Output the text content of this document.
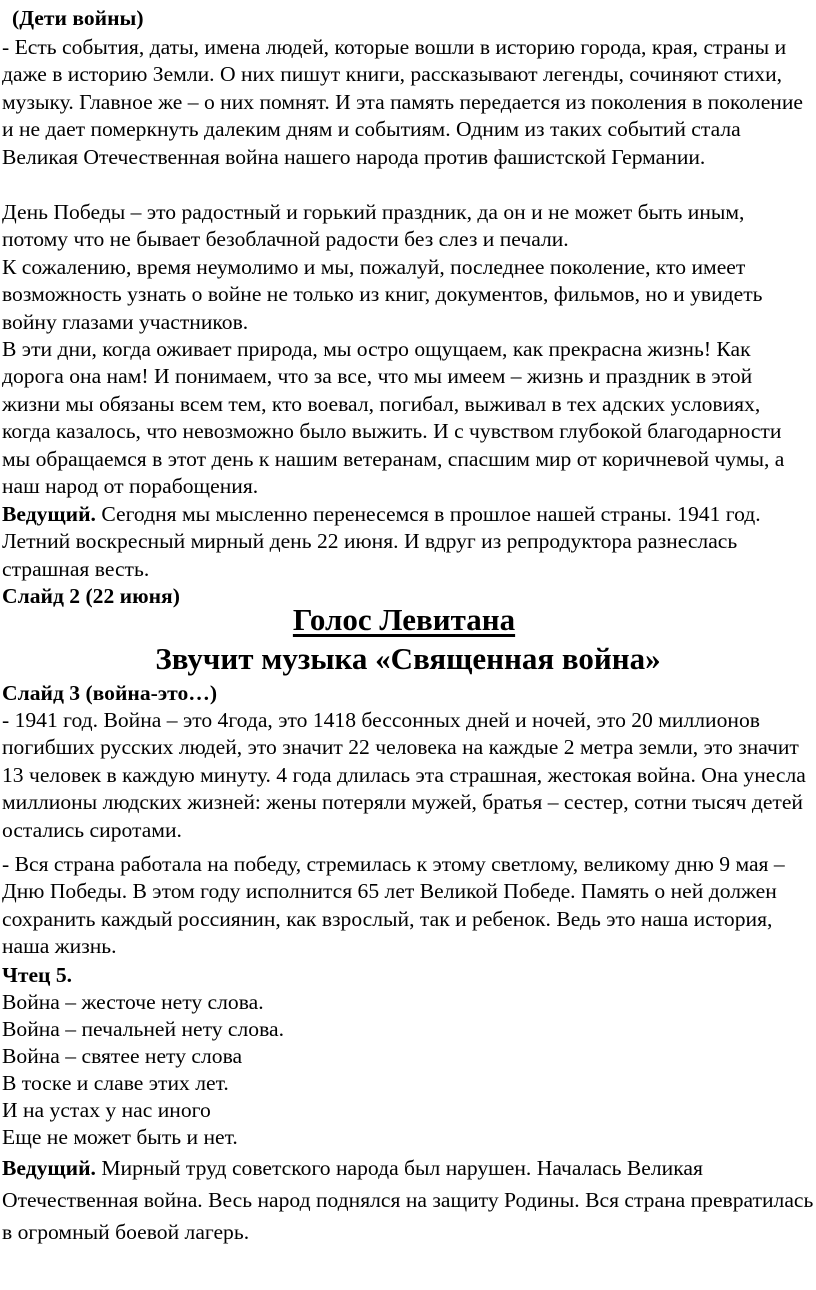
(Дети войны)

- Есть события, даты, имена людей, которые вошли в историю города, края, страны и даже в историю Земли. О них пишут книги, рассказывают легенды, сочиняют стихи, музыку. Главное же – о них помнят. И эта память передается из поколения в поколение и не дает померкнуть далеким дням и событиям. Одним из таких событий стала Великая Отечественная война нашего народа против фашистской Германии.

День Победы – это радостный и горький праздник, да он и не может быть иным, потому что не бывает безоблачной радости без слез и печали.

К сожалению, время неумолимо и мы, пожалуй, последнее поколение, кто имеет возможность узнать о войне не только из книг, документов, фильмов, но и увидеть войну глазами участников.

В эти дни, когда оживает природа, мы остро ощущаем, как прекрасна жизнь! Как дорога она нам! И понимаем, что за все, что мы имеем – жизнь и праздник в этой жизни мы обязаны всем тем, кто воевал, погибал, выживал в тех адских условиях, когда казалось, что невозможно было выжить. И с чувством глубокой благодарности мы обращаемся в этот день к нашим ветеранам, спасшим мир от коричневой чумы, а наш народ от порабощения.

Ведущий. Сегодня мы мысленно перенесемся в прошлое нашей страны. 1941 год. Летний воскресный мирный день 22 июня. И вдруг из репродуктора разнеслась страшная весть.

Слайд 2 (22 июня)

Голос Левитана

Звучит музыка «Священная война»

Слайд 3 (война-это…)

- 1941 год. Война – это 4года, это 1418 бессонных дней и ночей, это 20 миллионов погибших русских людей, это значит 22 человека на каждые 2 метра земли, это значит 13 человек в каждую минуту. 4 года длилась эта страшная, жестокая война. Она унесла миллионы людских жизней: жены потеряли мужей, братья – сестер, сотни тысяч детей остались сиротами.

- Вся страна работала на победу, стремилась к этому светлому, великому дню 9 мая – Дню Победы. В этом году исполнится 65 лет Великой Победе. Память о ней должен сохранить каждый россиянин, как взрослый, так и ребенок. Ведь это наша история, наша жизнь.

Чтец 5.

Война – жесточе нету слова.

Война – печальней нету слова.

Война – святее нету слова

В тоске и славе этих лет.

И на устах у нас иного

Еще не может быть и нет.

Ведущий. Мирный труд советского народа был нарушен. Началась Великая Отечественная война. Весь народ поднялся на защиту Родины. Вся страна превратилась в огромный боевой лагерь.
